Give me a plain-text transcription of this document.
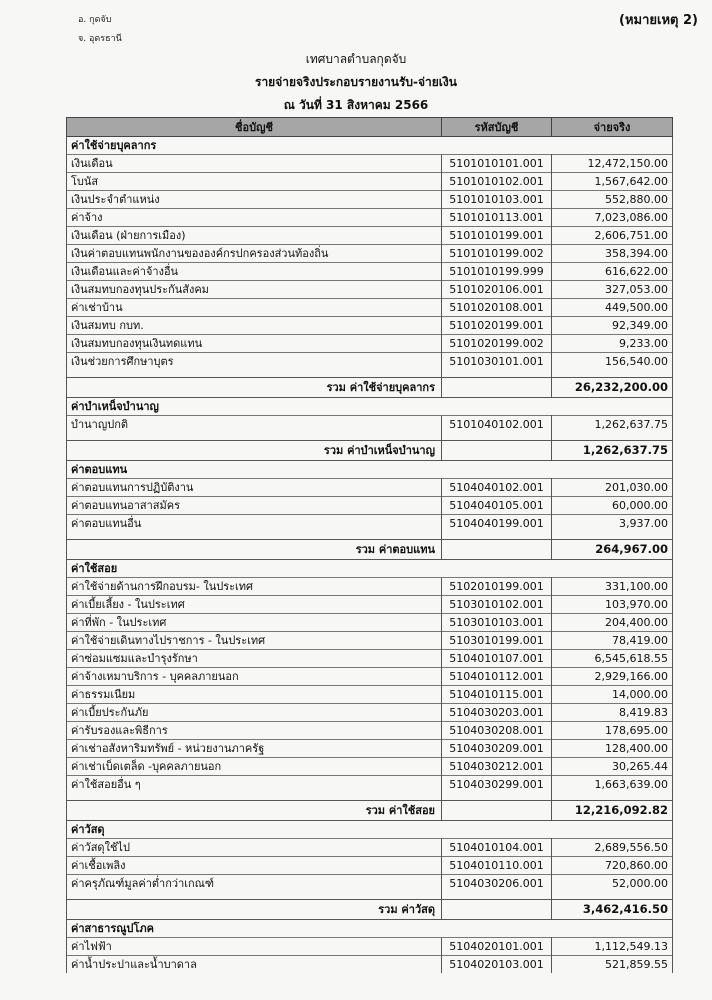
อ. กุดจับ
จ. อุดรธานี
(หมายเหตุ 2)
เทศบาลตำบลกุดจับ
รายจ่ายจริงประกอบรายงานรับ-จ่ายเงิน
ณ วันที่ 31 สิงหาคม 2566
ชื่อบัญชี	รหัสบัญชี	จ่ายจริง
ค่าใช้จ่ายบุคลากร		
เงินเดือน	5101010101.001	12,472,150.00
โบนัส	5101010102.001	1,567,642.00
เงินประจำตำแหน่ง	5101010103.001	552,880.00
ค่าจ้าง	5101010113.001	7,023,086.00
เงินเดือน (ฝ่ายการเมือง)	5101010199.001	2,606,751.00
เงินค่าตอบแทนพนักงานขององค์กรปกครองส่วนท้องถิ่น	5101010199.002	358,394.00
เงินเดือนและค่าจ้างอื่น	5101010199.999	616,622.00
เงินสมทบกองทุนประกันสังคม	5101020106.001	327,053.00
ค่าเช่าบ้าน	5101020108.001	449,500.00
เงินสมทบ กบท.	5101020199.001	92,349.00
เงินสมทบกองทุนเงินทดแทน	5101020199.002	9,233.00
เงินช่วยการศึกษาบุตร	5101030101.001	156,540.00

รวม ค่าใช้จ่ายบุคลากร		26,232,200.00
ค่าบำเหน็จบำนาญ		
บำนาญปกติ	5101040102.001	1,262,637.75

รวม ค่าบำเหน็จบำนาญ		1,262,637.75
ค่าตอบแทน		
ค่าตอบแทนการปฏิบัติงาน	5104040102.001	201,030.00
ค่าตอบแทนอาสาสมัคร	5104040105.001	60,000.00
ค่าตอบแทนอื่น	5104040199.001	3,937.00

รวม ค่าตอบแทน		264,967.00
ค่าใช้สอย		
ค่าใช้จ่ายด้านการฝึกอบรม- ในประเทศ	5102010199.001	331,100.00
ค่าเบี้ยเลี้ยง - ในประเทศ	5103010102.001	103,970.00
ค่าที่พัก - ในประเทศ	5103010103.001	204,400.00
ค่าใช้จ่ายเดินทางไปราชการ - ในประเทศ	5103010199.001	78,419.00
ค่าซ่อมแซมและบำรุงรักษา	5104010107.001	6,545,618.55
ค่าจ้างเหมาบริการ - บุคคลภายนอก	5104010112.001	2,929,166.00
ค่าธรรมเนียม	5104010115.001	14,000.00
ค่าเบี้ยประกันภัย	5104030203.001	8,419.83
ค่ารับรองและพิธีการ	5104030208.001	178,695.00
ค่าเช่าอสังหาริมทรัพย์ - หน่วยงานภาครัฐ	5104030209.001	128,400.00
ค่าเช่าเบ็ดเตล็ด -บุคคลภายนอก	5104030212.001	30,265.44
ค่าใช้สอยอื่น ๆ	5104030299.001	1,663,639.00

รวม ค่าใช้สอย		12,216,092.82
ค่าวัสดุ		
ค่าวัสดุใช้ไป	5104010104.001	2,689,556.50
ค่าเชื้อเพลิง	5104010110.001	720,860.00
ค่าครุภัณฑ์มูลค่าต่ำกว่าเกณฑ์	5104030206.001	52,000.00

รวม ค่าวัสดุ		3,462,416.50
ค่าสาธารณูปโภค		
ค่าไฟฟ้า	5104020101.001	1,112,549.13
ค่าน้ำประปาและน้ำบาดาล	5104020103.001	521,859.55
